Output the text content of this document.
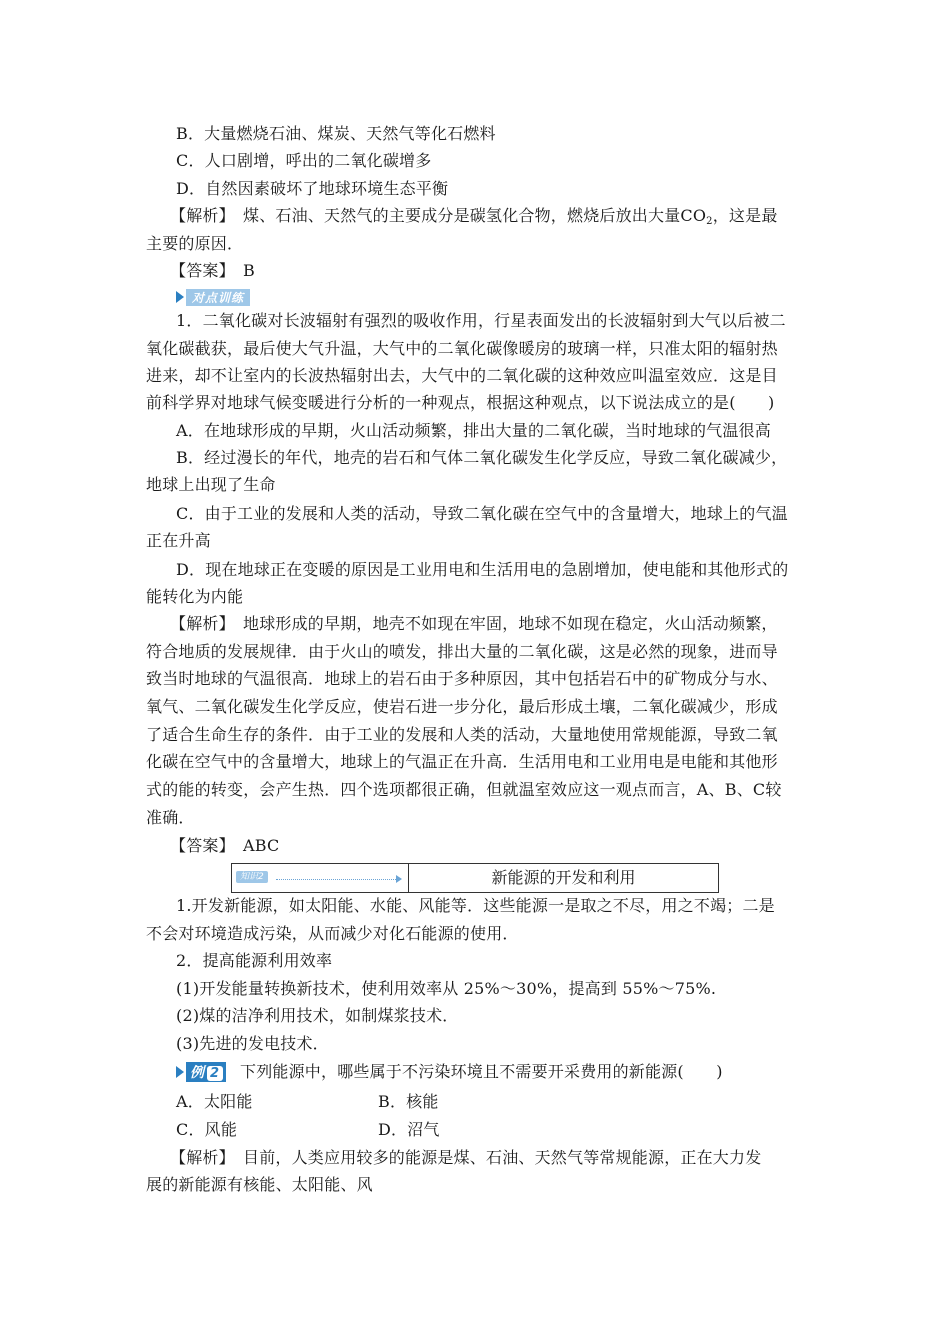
B．大量燃烧石油、煤炭、天然气等化石燃料
C．人口剧增，呼出的二氧化碳增多
D．自然因素破坏了地球环境生态平衡
【解析】　煤、石油、天然气的主要成分是碳氢化合物，燃烧后放出大量$CO_2$，这是最
主要的原因．
【答案】　B
对点训练
1．二氧化碳对长波辐射有强烈的吸收作用，行星表面发出的长波辐射到大气以后被二
氧化碳截获，最后使大气升温，大气中的二氧化碳像暖房的玻璃一样，只准太阳的辐射热
进来，却不让室内的长波热辐射出去，大气中的二氧化碳的这种效应叫温室效应．这是目
前科学界对地球气候变暖进行分析的一种观点，根据这种观点，以下说法成立的是(　　)
A．在地球形成的早期，火山活动频繁，排出大量的二氧化碳，当时地球的气温很高
B．经过漫长的年代，地壳的岩石和气体二氧化碳发生化学反应，导致二氧化碳减少，
地球上出现了生命
C．由于工业的发展和人类的活动，导致二氧化碳在空气中的含量增大，地球上的气温
正在升高
D．现在地球正在变暖的原因是工业用电和生活用电的急剧增加，使电能和其他形式的
能转化为内能
【解析】　地球形成的早期，地壳不如现在牢固，地球不如现在稳定，火山活动频繁，
符合地质的发展规律．由于火山的喷发，排出大量的二氧化碳，这是必然的现象，进而导
致当时地球的气温很高．地球上的岩石由于多种原因，其中包括岩石中的矿物成分与水、
氧气、二氧化碳发生化学反应，使岩石进一步分化，最后形成土壤，二氧化碳减少，形成
了适合生命生存的条件．由于工业的发展和人类的活动，大量地使用常规能源，导致二氧
化碳在空气中的含量增大，地球上的气温正在升高．生活用电和工业用电是电能和其他形
式的能的转变，会产生热．四个选项都很正确，但就温室效应这一观点而言，A、B、C较
准确．
【答案】　ABC
知识2	新能源的开发和利用
1.开发新能源，如太阳能、水能、风能等．这些能源一是取之不尽，用之不竭；二是
不会对环境造成污染，从而减少对化石能源的使用．
2．提高能源利用效率
(1)开发能量转换新技术，使利用效率从 25%～30%，提高到 55%～75%.
(2)煤的洁净利用技术，如制煤浆技术．
(3)先进的发电技术．
例 2	下列能源中，哪些属于不污染环境且不需要开采费用的新能源(　　)
A．太阳能	B．核能
C．风能	D．沼气
【解析】　目前，人类应用较多的能源是煤、石油、天然气等常规能源，正在大力发
展的新能源有核能、太阳能、风
